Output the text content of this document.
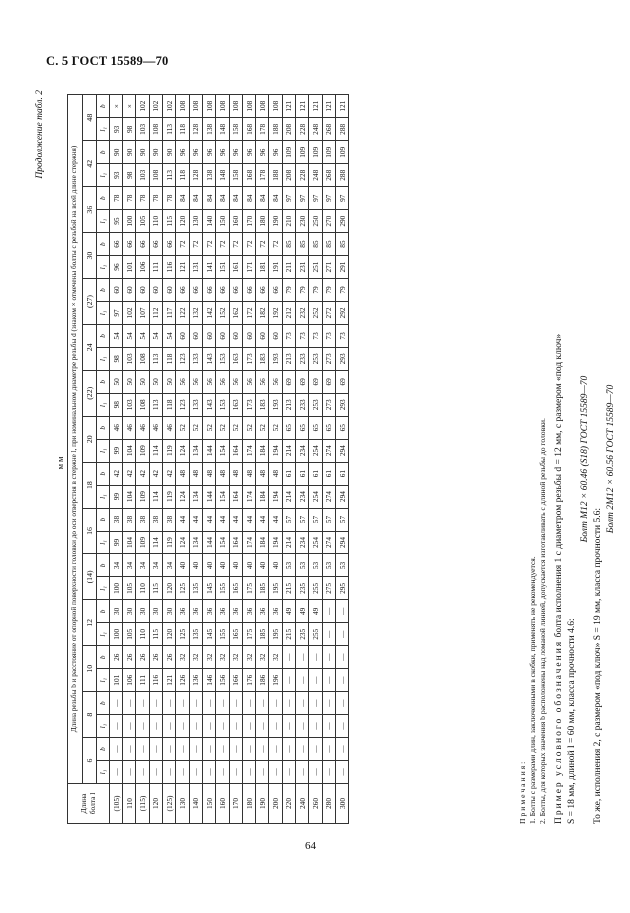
С. 5 ГОСТ 15589—70
Продолжение табл. 2
мм
Длина болта l	Длина резьбы b и расстояние от опорной поверхности головки до оси отверстия в стержне l, при номинальном диаметре резьбы d (знаком × отмечены болты с резьбой на всей длине стержня)																													
	6		8		10		12		(14)		16		18		20		(22)		24		(27)		30		36		42		48	
	l₁	b	l₁	b	l₁	b	l₁	b	l₁	b	l₁	b	l₁	b	l₁	b	l₁	b	l₁	b	l₁	b	l₁	b	l₁	b	l₁	b	l₁	b
(105)	—	—	—	—	101	26	100	30	100	34	99	38	99	42	99	46	98	50	98	54	97	60	96	66	95	78	93	90	93	×
110	—	—	—	—	106	26	105	30	105	34	104	38	104	42	104	46	103	50	103	54	102	60	101	66	100	78	98	90	98	×
(115)	—	—	—	—	111	26	110	30	110	34	109	38	109	42	109	46	108	50	108	54	107	60	106	66	105	78	103	90	103	102
120	—	—	—	—	116	26	115	30	115	34	114	38	114	42	114	46	113	50	113	54	112	60	111	66	110	78	108	90	108	102
(125)	—	—	—	—	121	26	120	30	120	34	119	38	119	42	119	46	118	50	118	54	117	60	116	66	115	78	113	90	113	102
130	—	—	—	—	126	32	125	36	125	40	124	44	124	48	124	52	123	56	123	60	122	66	121	72	120	84	118	96	118	108
140	—	—	—	—	136	32	135	36	135	40	134	44	134	48	134	52	133	56	133	60	132	66	131	72	130	84	128	96	128	108
150	—	—	—	—	146	32	145	36	145	40	144	44	144	48	144	52	143	56	143	60	142	66	141	72	140	84	138	96	138	108
160	—	—	—	—	156	32	155	36	155	40	154	44	154	48	154	52	153	56	153	60	152	66	151	72	150	84	148	96	148	108
170	—	—	—	—	166	32	165	36	165	40	164	44	164	48	164	52	163	56	163	60	162	66	161	72	160	84	158	96	158	108
180	—	—	—	—	176	32	175	36	175	40	174	44	174	48	174	52	173	56	173	60	172	66	171	72	170	84	168	96	168	108
190	—	—	—	—	186	32	185	36	185	40	184	44	184	48	184	52	183	56	183	60	182	66	181	72	180	84	178	96	178	108
200	—	—	—	—	196	32	195	36	195	40	194	44	194	48	194	52	193	56	193	60	192	66	191	72	190	84	188	96	188	108
220	—	—	—	—	—	—	215	49	215	53	214	57	214	61	214	65	213	69	213	73	212	79	211	85	210	97	208	109	208	121
240	—	—	—	—	—	—	235	49	235	53	234	57	234	61	234	65	233	69	233	73	232	79	231	85	230	97	228	109	228	121
260	—	—	—	—	—	—	255	49	255	53	254	57	254	61	254	65	253	69	253	73	252	79	251	85	250	97	248	109	248	121
280	—	—	—	—	—	—	—	—	275	53	274	57	274	61	274	65	273	69	273	73	272	79	271	85	270	97	268	109	268	121
300	—	—	—	—	—	—	—	—	295	53	294	57	294	61	294	65	293	69	293	73	292	79	291	85	290	97	288	109	288	121
Примечания: 1. Болты с размерами длин, заключенными в скобки, применять не рекомендуется. 2. Болты, для которых значения b расположены над ломаной линией, допускается изготавливать с длиной резьбы до головки. Пример условного обозначения болта исполнения 1 с диаметром резьбы d = 12 мм, с размером «под ключ»
S = 18 мм, длиной l = 60 мм, класса прочности 4.6:
Болт М12 × 60.46 (S18) ГОСТ 15589—70
То же, исполнения 2, с размером «под ключ» S = 19 мм, класса прочности 5.6:
Болт 2М12 × 60.56 ГОСТ 15589—70
64
